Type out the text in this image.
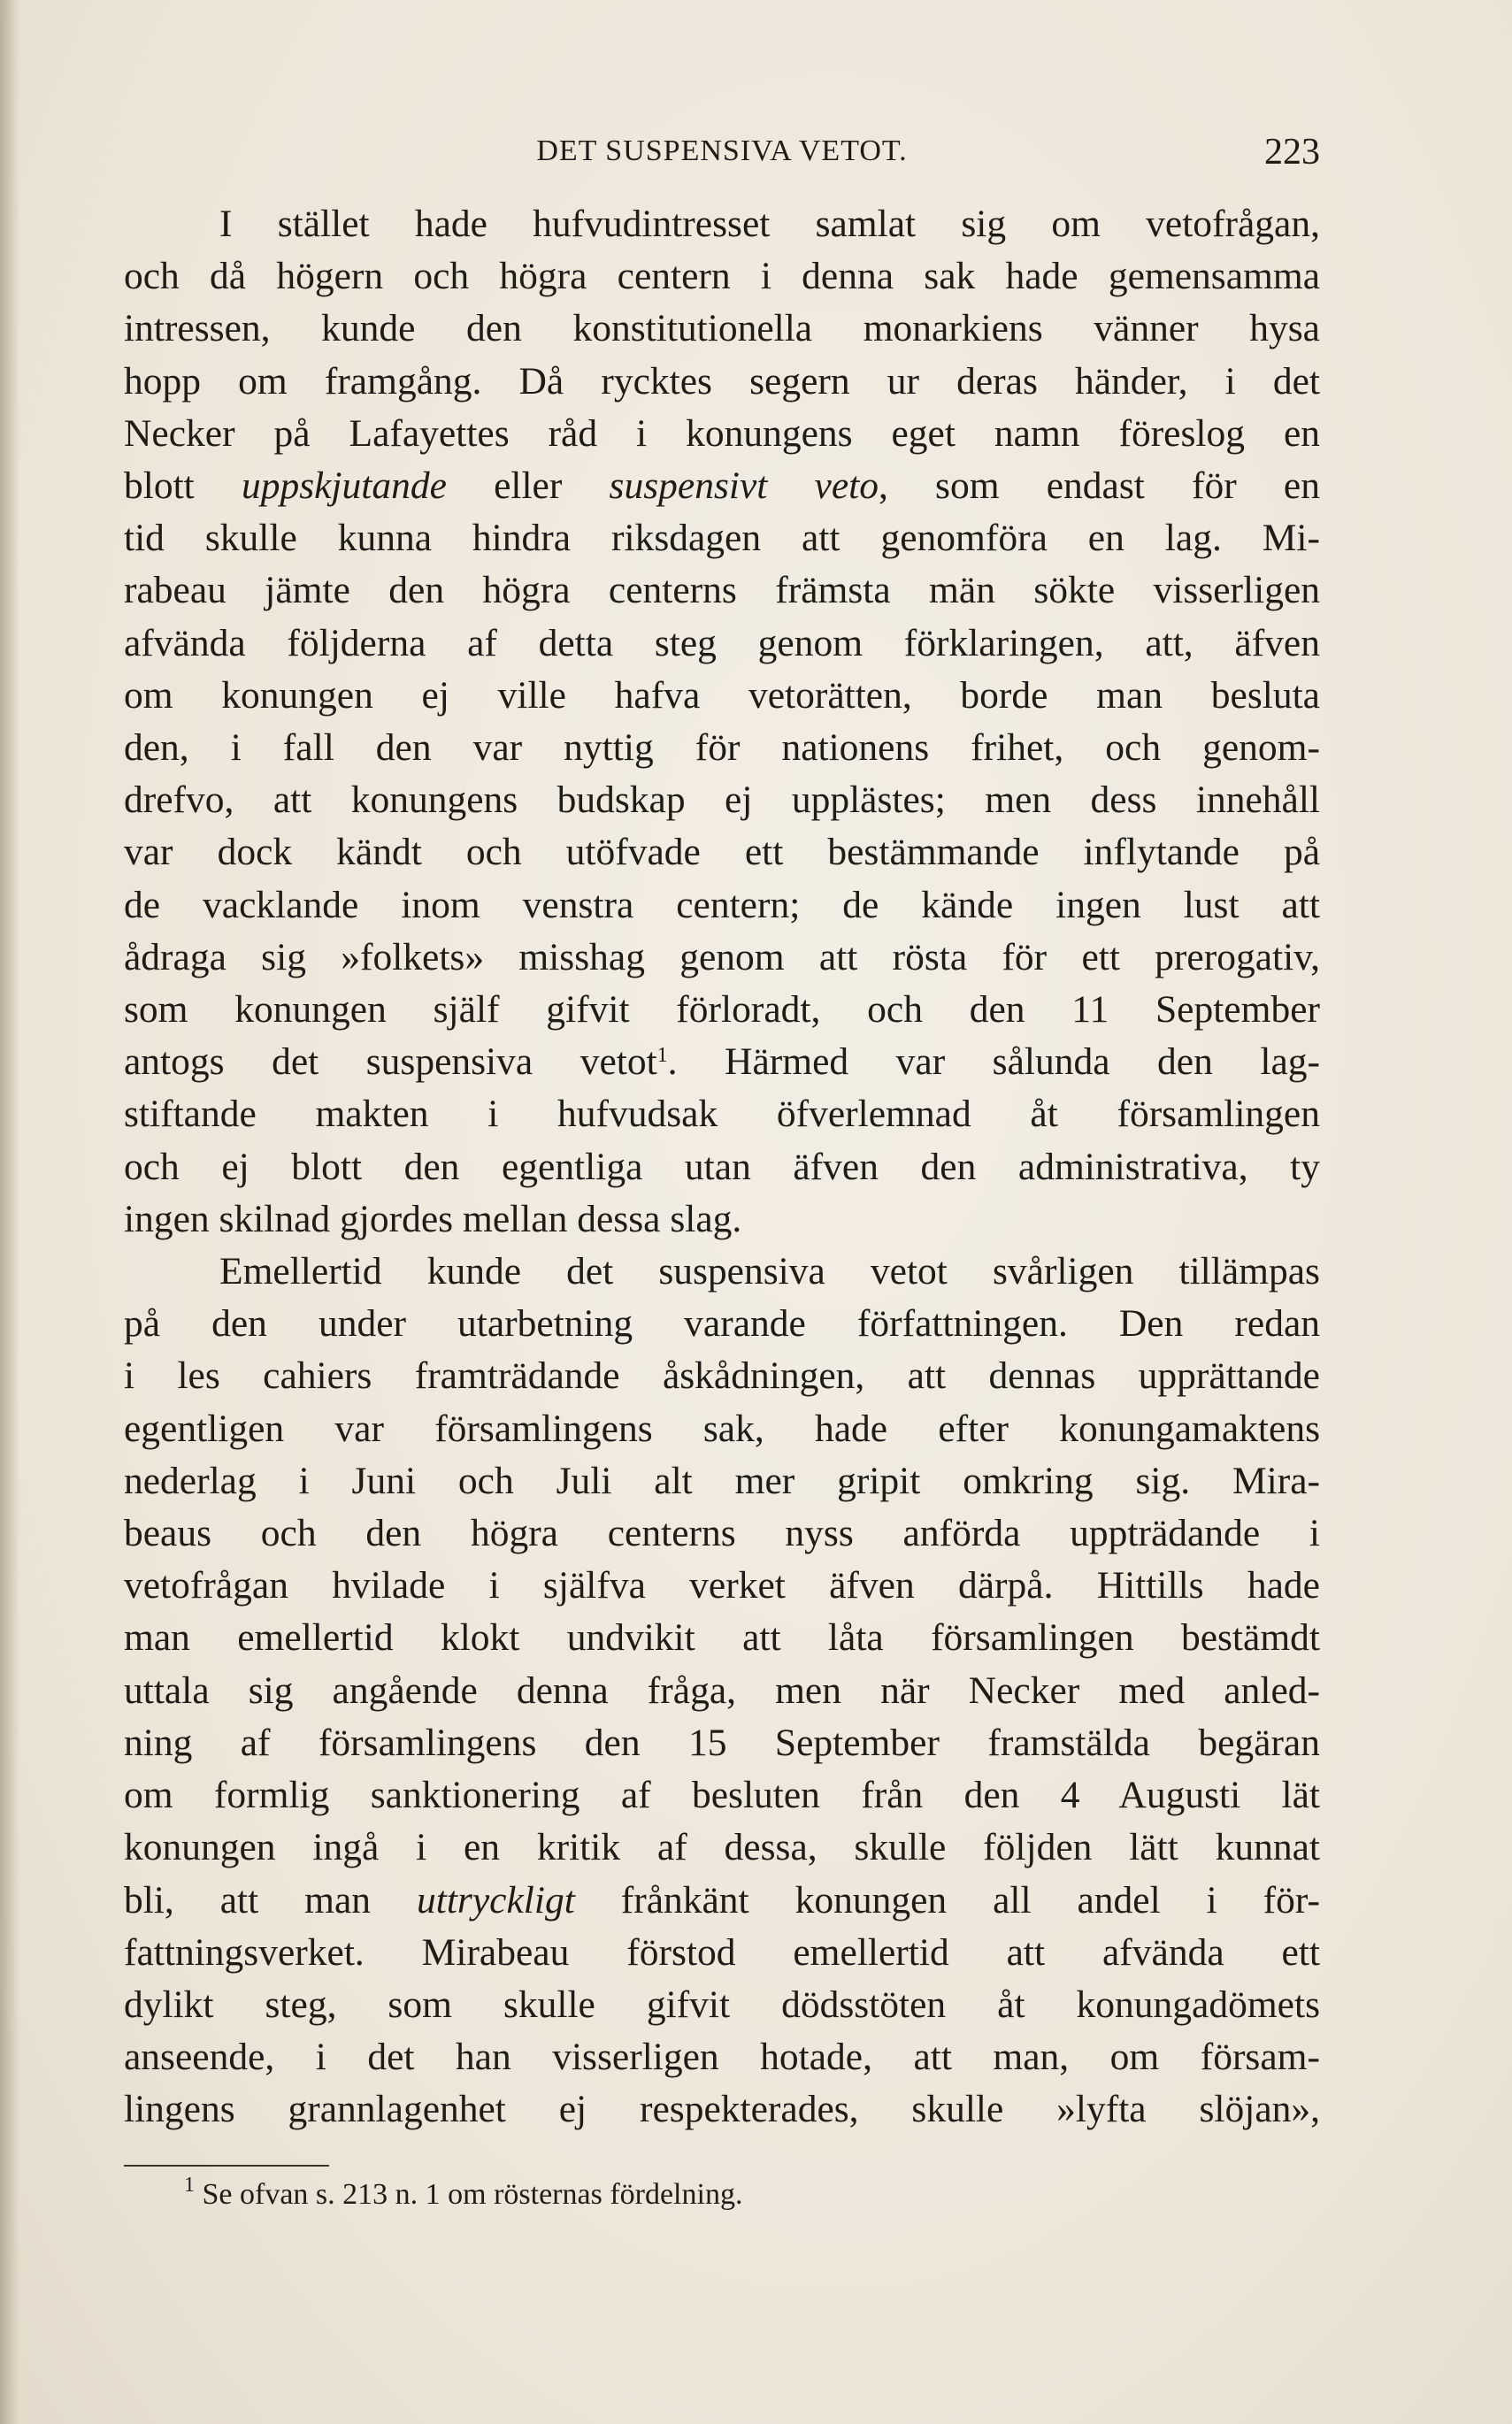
DET SUSPENSIVA VETOT.	223
I stället hade hufvudintresset samlat sig om vetofrågan,
och då högern och högra centern i denna sak hade gemensamma
intressen, kunde den konstitutionella monarkiens vänner hysa
hopp om framgång. Då rycktes segern ur deras händer, i det
Necker på Lafayettes råd i konungens eget namn föreslog en
blott uppskjutande eller suspensivt veto, som endast för en
tid skulle kunna hindra riksdagen att genomföra en lag. Mi-
rabeau jämte den högra centerns främsta män sökte visserligen
afvända följderna af detta steg genom förklaringen, att, äfven
om konungen ej ville hafva vetorätten, borde man besluta
den, i fall den var nyttig för nationens frihet, och genom-
drefvo, att konungens budskap ej upplästes; men dess innehåll
var dock kändt och utöfvade ett bestämmande inflytande på
de vacklande inom venstra centern; de kände ingen lust att
ådraga sig »folkets» misshag genom att rösta för ett prerogativ,
som konungen själf gifvit förloradt, och den 11 September
antogs det suspensiva vetot$^1$. Härmed var sålunda den lag-
stiftande makten i hufvudsak öfverlemnad åt församlingen
och ej blott den egentliga utan äfven den administrativa, ty
ingen skilnad gjordes mellan dessa slag.
Emellertid kunde det suspensiva vetot svårligen tillämpas
på den under utarbetning varande författningen. Den redan
i les cahiers framträdande åskådningen, att dennas upprättande
egentligen var församlingens sak, hade efter konungamaktens
nederlag i Juni och Juli alt mer gripit omkring sig. Mira-
beaus och den högra centerns nyss anförda uppträdande i
vetofrågan hvilade i själfva verket äfven därpå. Hittills hade
man emellertid klokt undvikit att låta församlingen bestämdt
uttala sig angående denna fråga, men när Necker med anled-
ning af församlingens den 15 September framstälda begäran
om formlig sanktionering af besluten från den 4 Augusti lät
konungen ingå i en kritik af dessa, skulle följden lätt kunnat
bli, att man uttryckligt frånkänt konungen all andel i för-
fattningsverket. Mirabeau förstod emellertid att afvända ett
dylikt steg, som skulle gifvit dödsstöten åt konungadömets
anseende, i det han visserligen hotade, att man, om försam-
lingens grannlagenhet ej respekterades, skulle »lyfta slöjan»,
$^1$ Se ofvan s. 213 n. 1 om rösternas fördelning.
